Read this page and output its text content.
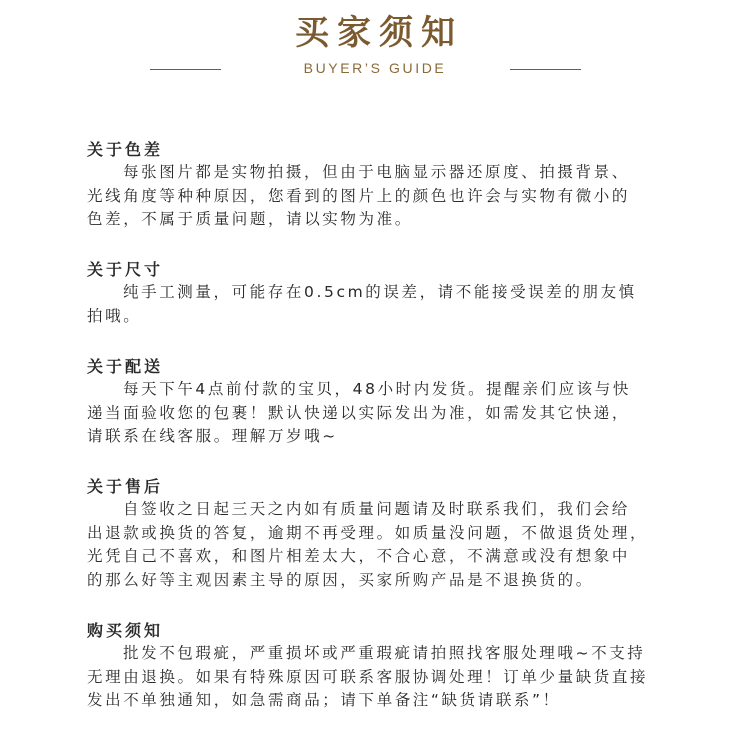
买家须知
BUYER’S GUIDE
关于色差
每张图片都是实物拍摄，但由于电脑显示器还原度、拍摄背景、
光线角度等种种原因，您看到的图片上的颜色也许会与实物有微小的
色差，不属于质量问题，请以实物为准。
关于尺寸
纯手工测量，可能存在0.5cm的误差，请不能接受误差的朋友慎
拍哦。
关于配送
每天下午4点前付款的宝贝，48小时内发货。提醒亲们应该与快
递当面验收您的包裹！默认快递以实际发出为准，如需发其它快递，
请联系在线客服。理解万岁哦~
关于售后
自签收之日起三天之内如有质量问题请及时联系我们，我们会给
出退款或换货的答复，逾期不再受理。如质量没问题，不做退货处理，
光凭自己不喜欢，和图片相差太大，不合心意，不满意或没有想象中
的那么好等主观因素主导的原因，买家所购产品是不退换货的。
购买须知
批发不包瑕疵，严重损坏或严重瑕疵请拍照找客服处理哦~不支持
无理由退换。如果有特殊原因可联系客服协调处理！订单少量缺货直接
发出不单独通知，如急需商品；请下单备注“缺货请联系”！
